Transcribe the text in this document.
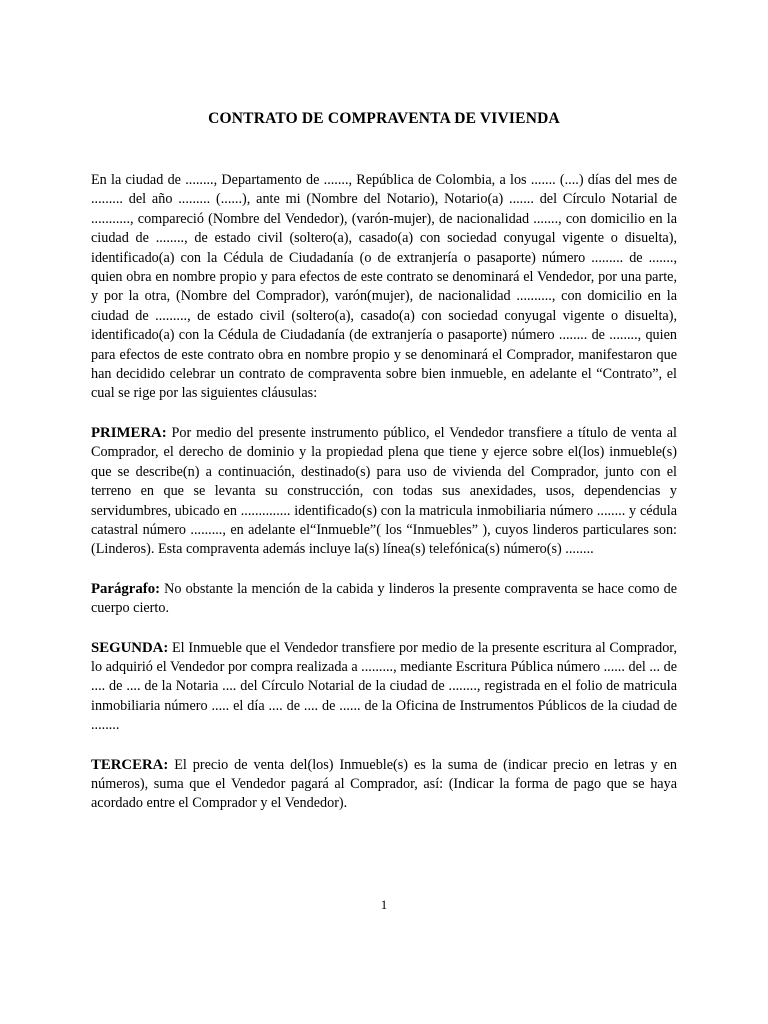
CONTRATO DE COMPRAVENTA DE VIVIENDA

En la ciudad de ........, Departamento de ......., República de Colombia, a los ....... (....) días del mes de ......... del año ......... (......), ante mi (Nombre del Notario), Notario(a) ....... del Círculo Notarial de ..........., compareció (Nombre del Vendedor), (varón-mujer), de nacionalidad ......., con domicilio en la ciudad de ........, de estado civil (soltero(a), casado(a) con sociedad conyugal vigente o disuelta), identificado(a) con la Cédula de Ciudadanía (o de extranjería o pasaporte) número ......... de ......., quien obra en nombre propio y para efectos de este contrato se denominará el Vendedor, por una parte, y por la otra, (Nombre del Comprador), varón(mujer), de nacionalidad .........., con domicilio en la ciudad de ........., de estado civil (soltero(a), casado(a) con sociedad conyugal vigente o disuelta), identificado(a) con la Cédula de Ciudadanía (de extranjería o pasaporte) número ........ de ........, quien para efectos de este contrato obra en nombre propio y se denominará el Comprador, manifestaron que han decidido celebrar un contrato de compraventa sobre bien inmueble, en adelante el “Contrato”, el cual se rige por las siguientes cláusulas:

PRIMERA: Por medio del presente instrumento público, el Vendedor transfiere a título de venta al Comprador, el derecho de dominio y la propiedad plena que tiene y ejerce sobre el(los) inmueble(s) que se describe(n) a continuación, destinado(s) para uso de vivienda del Comprador, junto con el terreno en que se levanta su construcción, con todas sus anexidades, usos, dependencias y servidumbres, ubicado en .............. identificado(s) con la matricula inmobiliaria número ........ y cédula catastral número ........., en adelante el“Inmueble”( los “Inmuebles” ), cuyos linderos particulares son: (Linderos). Esta compraventa además incluye la(s) línea(s) telefónica(s) número(s) ........

Parágrafo: No obstante la mención de la cabida y linderos la presente compraventa se hace como de cuerpo cierto.

SEGUNDA: El Inmueble que el Vendedor transfiere por medio de la presente escritura al Comprador, lo adquirió el Vendedor por compra realizada a ........., mediante Escritura Pública número ...... del ... de .... de .... de la Notaria .... del Círculo Notarial de la ciudad de ........, registrada en el folio de matricula inmobiliaria número ..... el día .... de .... de ...... de la Oficina de Instrumentos Públicos de la ciudad de ........

TERCERA: El precio de venta del(los) Inmueble(s) es la suma de (indicar precio en letras y en números), suma que el Vendedor pagará al Comprador, así: (Indicar la forma de pago que se haya acordado entre el Comprador y el Vendedor).

1
